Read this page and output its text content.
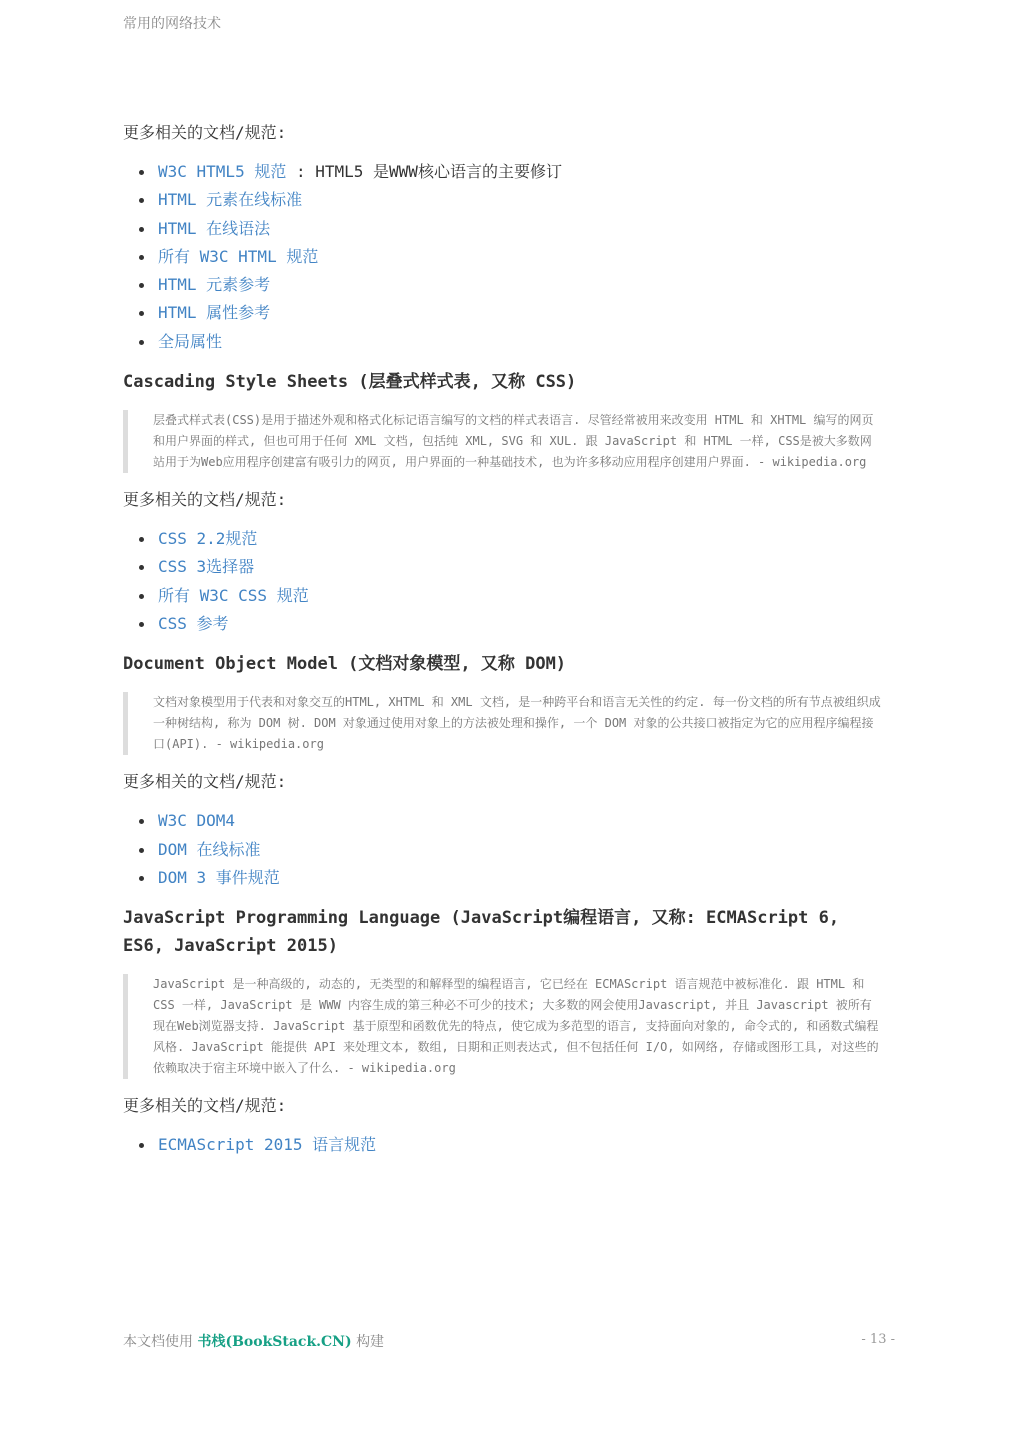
常用的网络技术
更多相关的文档/规范:
W3C HTML5 规范 : HTML5 是WWW核心语言的主要修订
HTML 元素在线标准
HTML 在线语法
所有 W3C HTML 规范
HTML 元素参考
HTML 属性参考
全局属性
Cascading Style Sheets (层叠式样式表, 又称 CSS)
层叠式样式表(CSS)是用于描述外观和格式化标记语言编写的文档的样式表语言. 尽管经常被用来改变用 HTML 和 XHTML 编写的网页和用户界面的样式, 但也可用于任何 XML 文档, 包括纯 XML, SVG 和 XUL. 跟 JavaScript 和 HTML 一样, CSS是被大多数网站用于为Web应用程序创建富有吸引力的网页, 用户界面的一种基础技术, 也为许多移动应用程序创建用户界面. - wikipedia.org
更多相关的文档/规范:
CSS 2.2规范
CSS 3选择器
所有 W3C CSS 规范
CSS 参考
Document Object Model (文档对象模型, 又称 DOM)
文档对象模型用于代表和对象交互的HTML, XHTML 和 XML 文档, 是一种跨平台和语言无关性的约定. 每一份文档的所有节点被组织成一种树结构, 称为 DOM 树. DOM 对象通过使用对象上的方法被处理和操作, 一个 DOM 对象的公共接口被指定为它的应用程序编程接口(API). - wikipedia.org
更多相关的文档/规范:
W3C DOM4
DOM 在线标准
DOM 3 事件规范
JavaScript Programming Language (JavaScript编程语言, 又称: ECMAScript 6, ES6, JavaScript 2015)
JavaScript 是一种高级的, 动态的, 无类型的和解释型的编程语言, 它已经在 ECMAScript 语言规范中被标准化. 跟 HTML 和 CSS 一样, JavaScript 是 WWW 内容生成的第三种必不可少的技术; 大多数的网会使用Javascript, 并且 Javascript 被所有现在Web浏览器支持. JavaScript 基于原型和函数优先的特点, 使它成为多范型的语言, 支持面向对象的, 命令式的, 和函数式编程风格. JavaScript 能提供 API 来处理文本, 数组, 日期和正则表达式, 但不包括任何 I/O, 如网络, 存储或图形工具, 对这些的依赖取决于宿主环境中嵌入了什么. - wikipedia.org
更多相关的文档/规范:
ECMAScript 2015 语言规范
本文档使用 书栈(BookStack.CN) 构建	- 13 -
